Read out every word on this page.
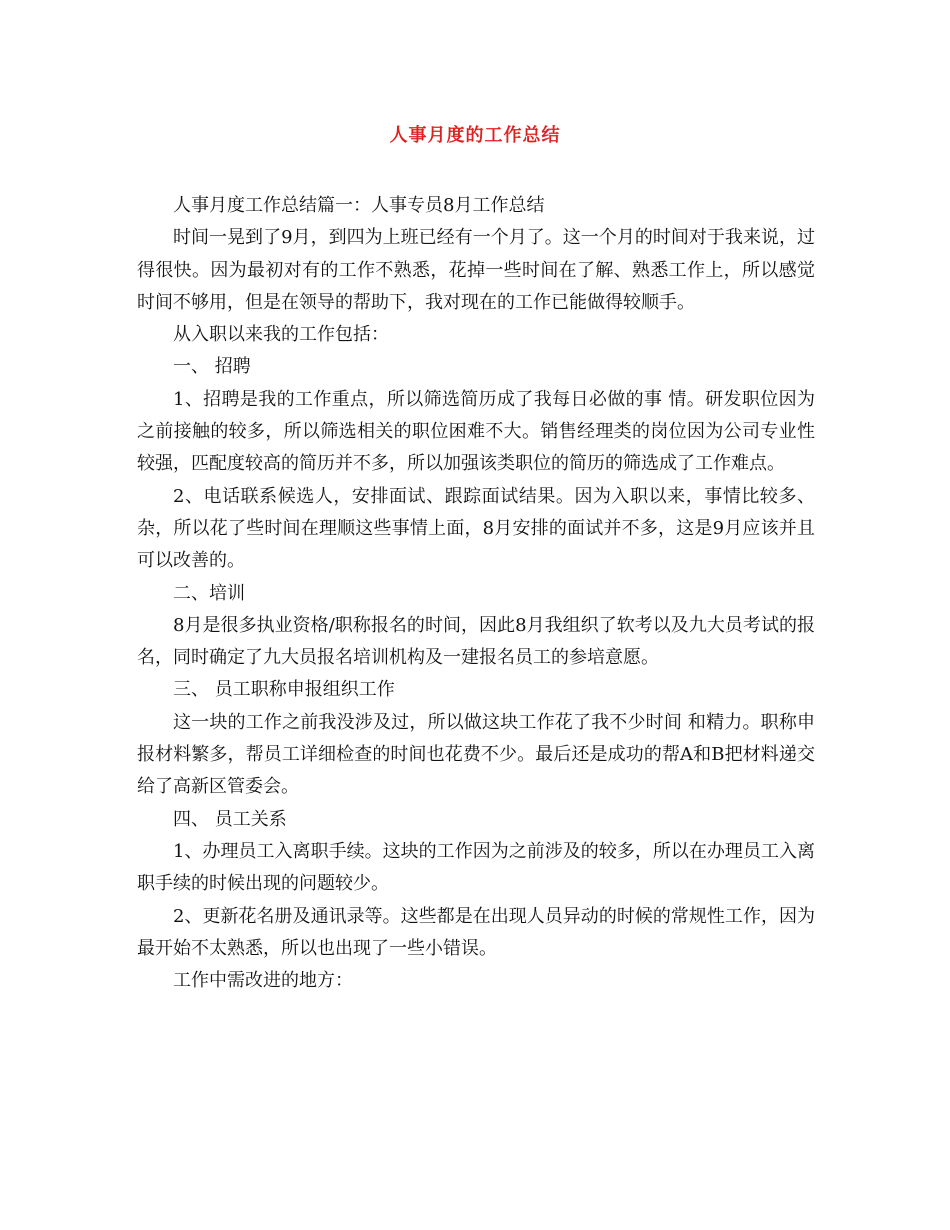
人事月度的工作总结

人事月度工作总结篇一：人事专员8月工作总结

时间一晃到了9月，到四为上班已经有一个月了。这一个月的时间对于我来说，过得很快。因为最初对有的工作不熟悉，花掉一些时间在了解、熟悉工作上，所以感觉时间不够用，但是在领导的帮助下，我对现在的工作已能做得较顺手。

从入职以来我的工作包括：

一、 招聘

1、招聘是我的工作重点，所以筛选简历成了我每日必做的事 情。研发职位因为之前接触的较多，所以筛选相关的职位困难不大。销售经理类的岗位因为公司专业性较强，匹配度较高的简历并不多，所以加强该类职位的简历的筛选成了工作难点。

2、电话联系候选人，安排面试、跟踪面试结果。因为入职以来，事情比较多、杂，所以花了些时间在理顺这些事情上面，8月安排的面试并不多，这是9月应该并且可以改善的。

二、培训

8月是很多执业资格/职称报名的时间，因此8月我组织了软考以及九大员考试的报名，同时确定了九大员报名培训机构及一建报名员工的参培意愿。

三、 员工职称申报组织工作

这一块的工作之前我没涉及过，所以做这块工作花了我不少时间 和精力。职称申报材料繁多，帮员工详细检查的时间也花费不少。最后还是成功的帮A和B把材料递交给了高新区管委会。

四、 员工关系

1、办理员工入离职手续。这块的工作因为之前涉及的较多，所以在办理员工入离职手续的时候出现的问题较少。

2、更新花名册及通讯录等。这些都是在出现人员异动的时候的常规性工作，因为最开始不太熟悉，所以也出现了一些小错误。

工作中需改进的地方：
